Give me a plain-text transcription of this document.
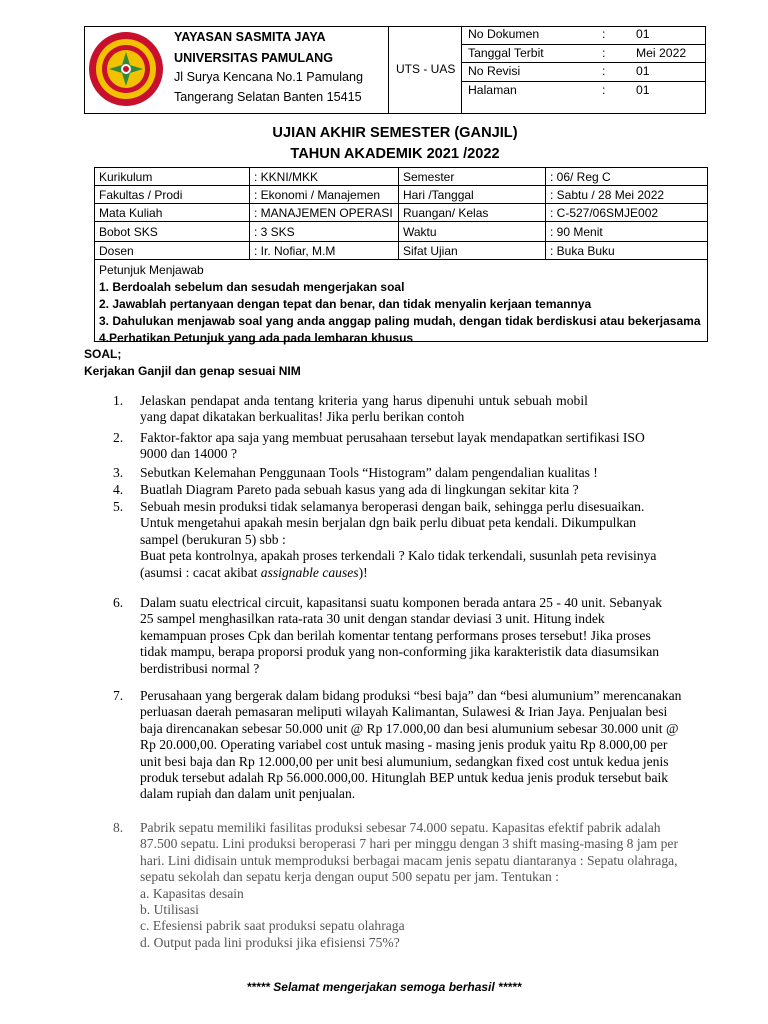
YAYASAN SASMITA JAYA
UNIVERSITAS PAMULANG
Jl Surya Kencana No.1 Pamulang
Tangerang Selatan Banten 15415
UTS - UAS
No Dokumen	:	01
Tanggal Terbit	:	Mei 2022
No Revisi	:	01
Halaman	:	01
UJIAN AKHIR SEMESTER (GANJIL)
TAHUN AKADEMIK 2021 /2022
Kurikulum	: KKNI/MKK	Semester	: 06/ Reg C
Fakultas / Prodi	: Ekonomi / Manajemen	Hari /Tanggal	: Sabtu / 28 Mei 2022
Mata Kuliah	: MANAJEMEN OPERASI	Ruangan/ Kelas	: C-527/06SMJE002
Bobot SKS	: 3 SKS	Waktu	: 90 Menit
Dosen	: Ir. Nofiar, M.M	Sifat Ujian	: Buka Buku
Petunjuk Menjawab
1. Berdoalah sebelum dan sesudah mengerjakan soal
2. Jawablah pertanyaan dengan tepat dan benar, dan tidak menyalin kerjaan temannya
3. Dahulukan menjawab soal yang anda anggap paling mudah, dengan tidak berdiskusi atau bekerjasama
4.Perhatikan Petunjuk yang ada pada lembaran khusus
SOAL;
Kerjakan Ganjil dan genap sesuai NIM
1. Jelaskan pendapat anda tentang kriteria yang harus dipenuhi untuk sebuah mobil
yang dapat dikatakan berkualitas! Jika perlu berikan contoh
2. Faktor-faktor apa saja yang membuat perusahaan tersebut layak mendapatkan sertifikasi ISO
9000 dan 14000 ?
3. Sebutkan Kelemahan Penggunaan Tools “Histogram” dalam pengendalian kualitas !
4. Buatlah Diagram Pareto pada sebuah kasus yang ada di lingkungan sekitar kita ?
5. Sebuah mesin produksi tidak selamanya beroperasi dengan baik, sehingga perlu disesuaikan.
Untuk mengetahui apakah mesin berjalan dgn baik perlu dibuat peta kendali. Dikumpulkan
sampel (berukuran 5) sbb :
Buat peta kontrolnya, apakah proses terkendali ? Kalo tidak terkendali, susunlah peta revisinya
(asumsi : cacat akibat assignable causes)!
6. Dalam suatu electrical circuit, kapasitansi suatu komponen berada antara 25 - 40 unit. Sebanyak
25 sampel menghasilkan rata-rata 30 unit dengan standar deviasi 3 unit. Hitung indek
kemampuan proses Cpk dan berilah komentar tentang performans proses tersebut! Jika proses
tidak mampu, berapa proporsi produk yang non-conforming jika karakteristik data diasumsikan
berdistribusi normal ?
7. Perusahaan yang bergerak dalam bidang produksi “besi baja” dan “besi alumunium” merencanakan
perluasan daerah pemasaran meliputi wilayah Kalimantan, Sulawesi & Irian Jaya. Penjualan besi
baja direncanakan sebesar 50.000 unit @ Rp 17.000,00 dan besi alumunium sebesar 30.000 unit @
Rp 20.000,00. Operating variabel cost untuk masing - masing jenis produk yaitu Rp 8.000,00 per
unit besi baja dan Rp 12.000,00 per unit besi alumunium, sedangkan fixed cost untuk kedua jenis
produk tersebut adalah Rp 56.000.000,00. Hitunglah BEP untuk kedua jenis produk tersebut baik
dalam rupiah dan dalam unit penjualan.
8. Pabrik sepatu memiliki fasilitas produksi sebesar 74.000 sepatu. Kapasitas efektif pabrik adalah
87.500 sepatu. Lini produksi beroperasi 7 hari per minggu dengan 3 shift masing-masing 8 jam per
hari. Lini didisain untuk memproduksi berbagai macam jenis sepatu diantaranya : Sepatu olahraga,
sepatu sekolah dan sepatu kerja dengan ouput 500 sepatu per jam. Tentukan :
a. Kapasitas desain
b. Utilisasi
c. Efesiensi pabrik saat produksi sepatu olahraga
d. Output pada lini produksi jika efisiensi 75%?
***** Selamat mengerjakan semoga berhasil *****
